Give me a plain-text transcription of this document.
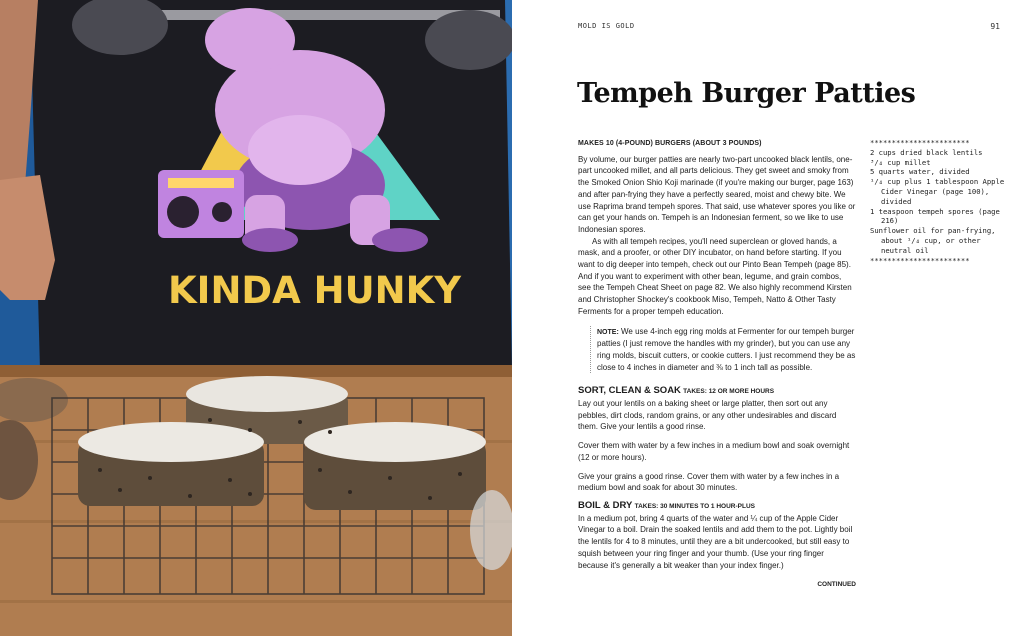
KINDA HUNKY
MOLD IS GOLD	91
Tempeh Burger Patties

MAKES 10 (4-POUND) BURGERS (ABOUT 3 POUNDS)

By volume, our burger patties are nearly two-part uncooked black lentils, one-part uncooked millet, and all parts delicious. They get sweet and smoky from the Smoked Onion Shio Koji marinade (if you're making our burger, page 163) and after pan-frying they have a perfectly seared, moist and chewy bite. We use Raprima brand tempeh spores. That said, use whatever spores you like or can get your hands on. Tempeh is an Indonesian ferment, so we like to use Indonesian spores.

As with all tempeh recipes, you'll need superclean or gloved hands, a mask, and a proofer, or other DIY incubator, on hand before starting. If you want to dig deeper into tempeh, check out our Pinto Bean Tempeh (page 85). And if you want to experiment with other bean, legume, and grain combos, see the Tempeh Cheat Sheet on page 82. We also highly recommend Kirsten and Christopher Shockey's cookbook Miso, Tempeh, Natto & Other Tasty Ferments for a proper tempeh education.

NOTE: We use 4-inch egg ring molds at Fermenter for our tempeh burger patties (I just remove the handles with my grinder), but you can use any ring molds, biscuit cutters, or cookie cutters. I just recommend they be as close to 4 inches in diameter and ⅜ to 1 inch tall as possible.

SORT, CLEAN & SOAK TAKES: 12 OR MORE HOURS

Lay out your lentils on a baking sheet or large platter, then sort out any pebbles, dirt clods, random grains, or any other undesirables and discard them. Give your lentils a good rinse.

Cover them with water by a few inches in a medium bowl and soak overnight (12 or more hours).

Give your grains a good rinse. Cover them with water by a few inches in a medium bowl and soak for about 30 minutes.

BOIL & DRY TAKES: 30 MINUTES TO 1 HOUR-PLUS

In a medium pot, bring 4 quarts of the water and ¼ cup of the Apple Cider Vinegar to a boil. Drain the soaked lentils and add them to the pot. Lightly boil the lentils for 4 to 8 minutes, until they are a bit undercooked, but still easy to squish between your ring finger and your thumb. (Use your ring finger because it's generally a bit weaker than your index finger.)

CONTINUED

***********************
2 cups dried black lentils
³/₄ cup millet
5 quarts water, divided
¹/₄ cup plus 1 tablespoon Apple Cider Vinegar (page 100), divided
1 teaspoon tempeh spores (page 216)
Sunflower oil for pan-frying, about ¹/₄ cup, or other neutral oil
***********************
